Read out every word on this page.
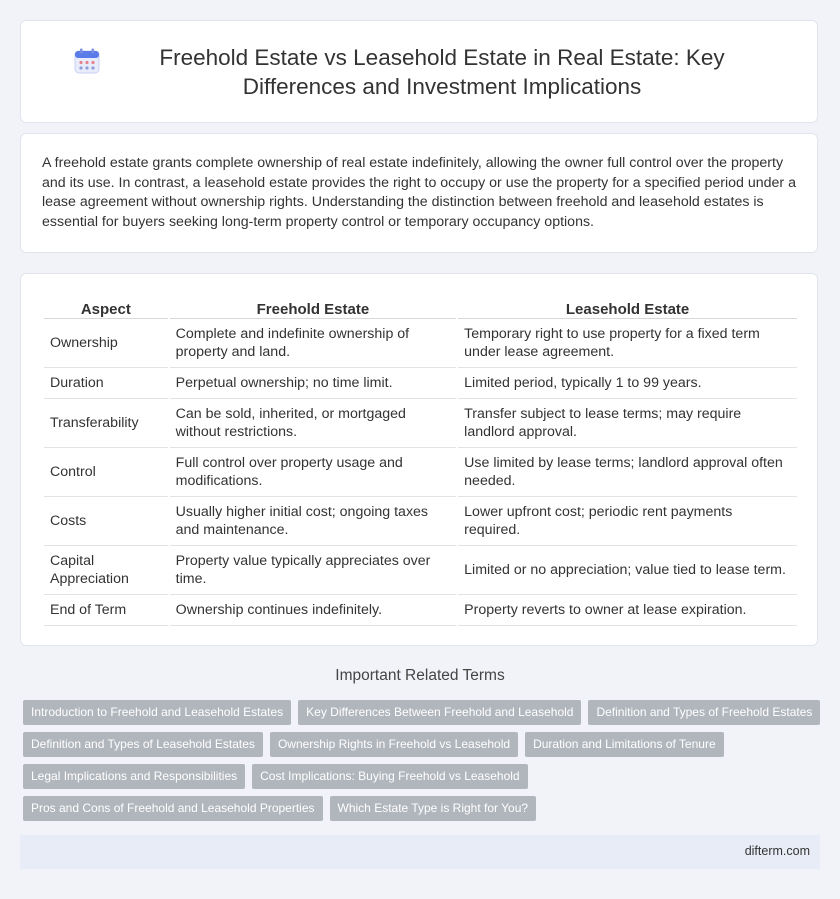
Freehold Estate vs Leasehold Estate in Real Estate: Key Differences and Investment Implications

A freehold estate grants complete ownership of real estate indefinitely, allowing the owner full control over the property and its use. In contrast, a leasehold estate provides the right to occupy or use the property for a specified period under a lease agreement without ownership rights. Understanding the distinction between freehold and leasehold estates is essential for buyers seeking long-term property control or temporary occupancy options.

Aspect	Freehold Estate	Leasehold Estate
Ownership	Complete and indefinite ownership of property and land.	Temporary right to use property for a fixed term under lease agreement.
Duration	Perpetual ownership; no time limit.	Limited period, typically 1 to 99 years.
Transferability	Can be sold, inherited, or mortgaged without restrictions.	Transfer subject to lease terms; may require landlord approval.
Control	Full control over property usage and modifications.	Use limited by lease terms; landlord approval often needed.
Costs	Usually higher initial cost; ongoing taxes and maintenance.	Lower upfront cost; periodic rent payments required.
Capital Appreciation	Property value typically appreciates over time.	Limited or no appreciation; value tied to lease term.
End of Term	Ownership continues indefinitely.	Property reverts to owner at lease expiration.
Important Related Terms
Introduction to Freehold and Leasehold Estates	Key Differences Between Freehold and Leasehold	Definition and Types of Freehold Estates
Definition and Types of Leasehold Estates	Ownership Rights in Freehold vs Leasehold	Duration and Limitations of Tenure
Legal Implications and Responsibilities	Cost Implications: Buying Freehold vs Leasehold
Pros and Cons of Freehold and Leasehold Properties	Which Estate Type is Right for You?
difterm.com
